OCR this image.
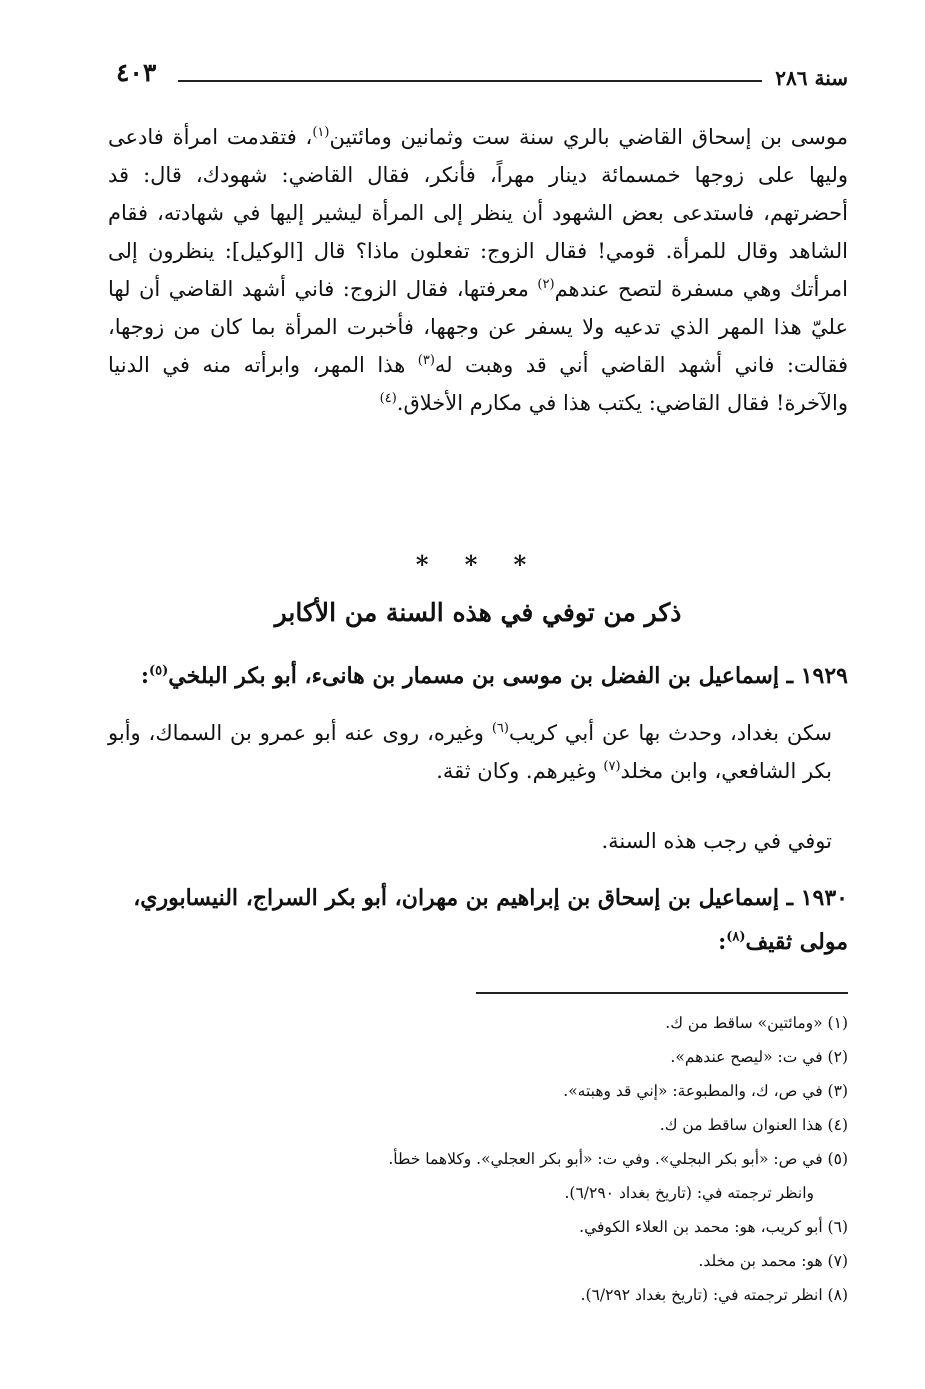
سنة ٢٨٦
٤٠٣

موسى بن إسحاق القاضي بالري سنة ست وثمانين ومائتين$^{(١)}$، فتقدمت امرأة فادعى وليها على زوجها خمسمائة دينار مهراً، فأنكر، فقال القاضي: شهودك، قال: قد أحضرتهم، فاستدعى بعض الشهود أن ينظر إلى المرأة ليشير إليها في شهادته، فقام الشاهد وقال للمرأة. قومي! فقال الزوج: تفعلون ماذا؟ قال [الوكيل]: ينظرون إلى امرأتك وهي مسفرة لتصح عندهم$^{(٢)}$ معرفتها، فقال الزوج: فاني أشهد القاضي أن لها عليّ هذا المهر الذي تدعيه ولا يسفر عن وجهها، فأخبرت المرأة بما كان من زوجها، فقالت: فاني أشهد القاضي أني قد وهبت له$^{(٣)}$ هذا المهر، وابرأته منه في الدنيا والآخرة! فقال القاضي: يكتب هذا في مكارم الأخلاق.$^{(٤)}$

* * *
ذكر من توفي في هذه السنة من الأكابر
١٩٢٩ ـ إسماعيل بن الفضل بن موسى بن مسمار بن هانىء، أبو بكر البلخي$^{(٥)}$:

سكن بغداد، وحدث بها عن أبي كريب$^{(٦)}$ وغيره، روى عنه أبو عمرو بن السماك، وأبو بكر الشافعي، وابن مخلد$^{(٧)}$ وغيرهم. وكان ثقة.

توفي في رجب هذه السنة.

١٩٣٠ ـ إسماعيل بن إسحاق بن إبراهيم بن مهران، أبو بكر السراج، النيسابوري، مولى ثقيف$^{(٨)}$:
(١) «ومائتين» ساقط من ك.
(٢) في ت: «ليصح عندهم».
(٣) في ص، ك، والمطبوعة: «إني قد وهبته».
(٤) هذا العنوان ساقط من ك.
(٥) في ص: «أبو بكر البجلي». وفي ت: «أبو بكر العجلي». وكلاهما خطأ.
وانظر ترجمته في: (تاريخ بغداد ٦/٢٩٠).
(٦) أبو كريب، هو: محمد بن العلاء الكوفي.
(٧) هو: محمد بن مخلد.
(٨) انظر ترجمته في: (تاريخ بغداد ٦/٢٩٢).
